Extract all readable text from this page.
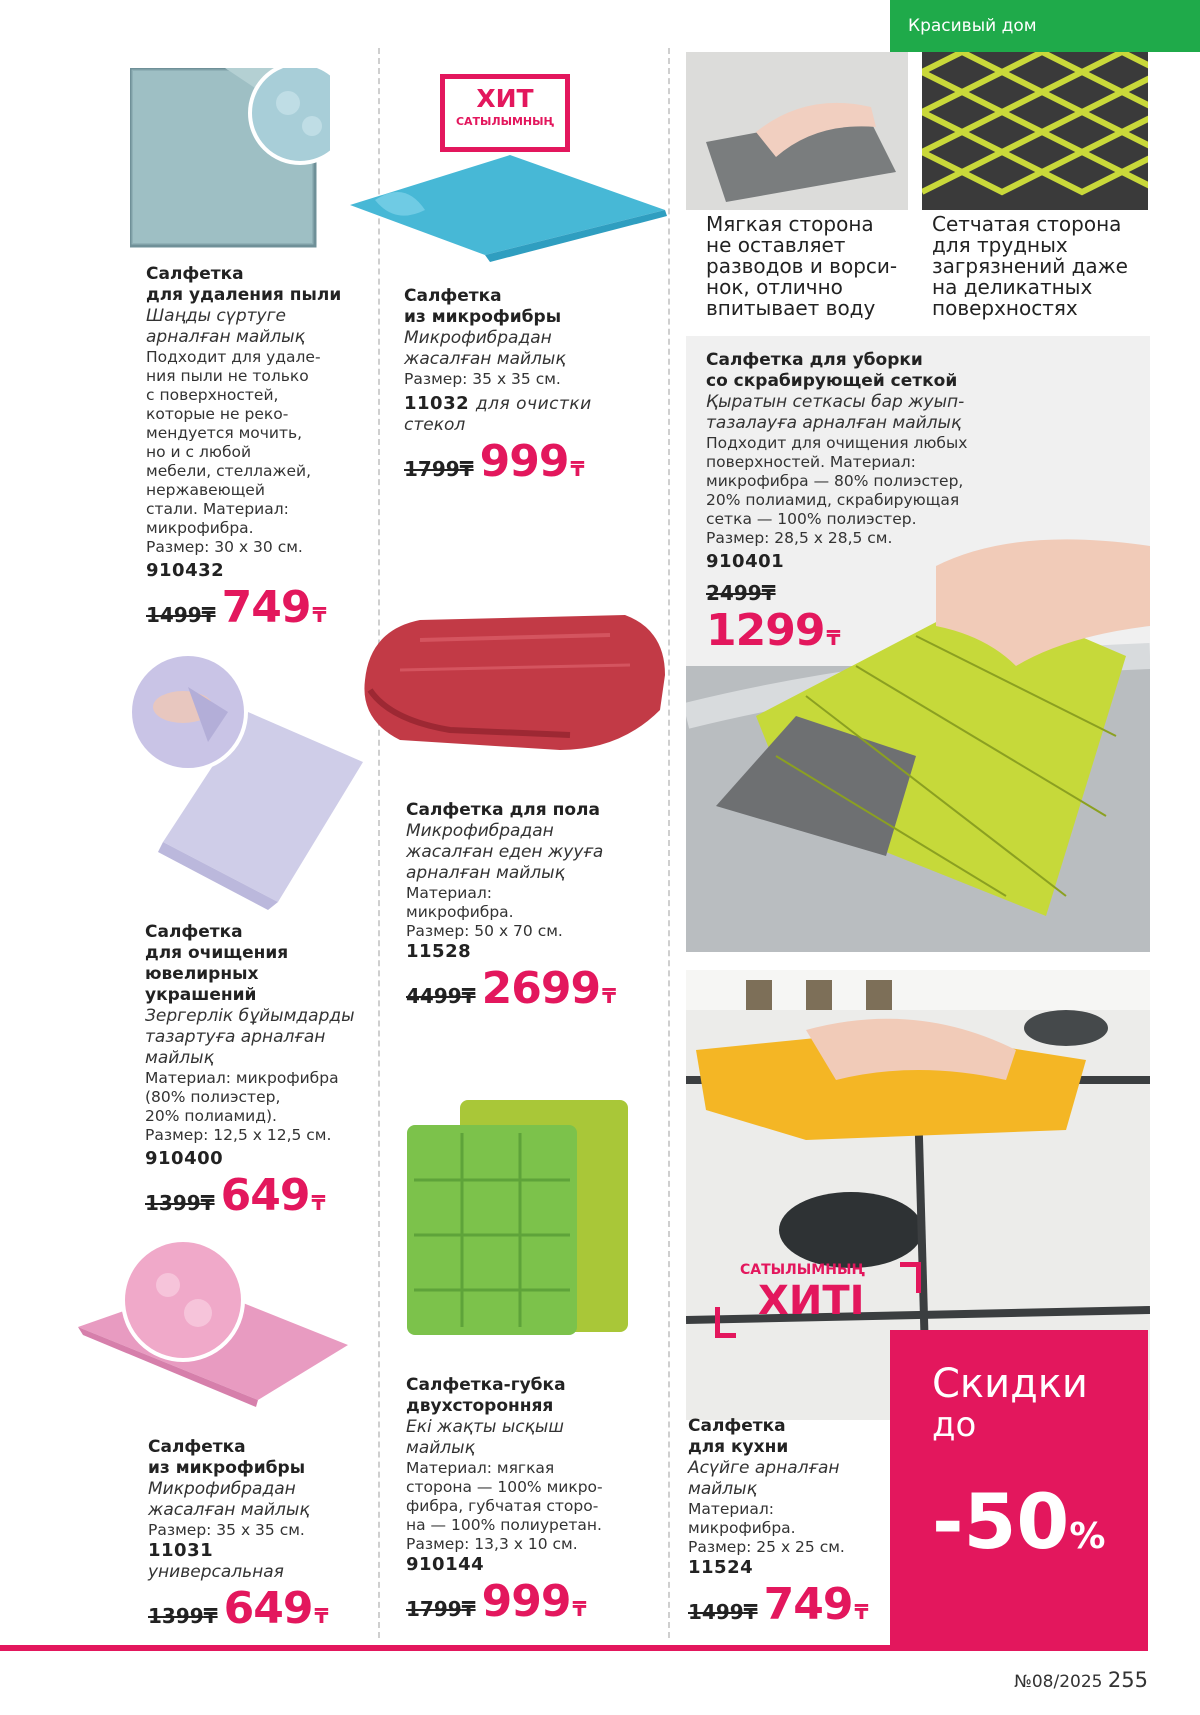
Красивый дом
Салфетка
для удаления пыли
Шаңды сүртуге
арналған майлық
Подходит для удале-
ния пыли не только
с поверхностей,
которые не реко-
мендуется мочить,
но и с любой
мебели, стеллажей,
нержавеющей
стали. Материал:
микрофибра.
Размер: 30 х 30 см.
910432
1499₸ 749 ₸
Салфетка
для очищения
ювелирных
украшений
Зергерлік бұйымдарды
тазартуға арналған
майлық
Материал: микрофибра
(80% полиэстер,
20% полиамид).
Размер: 12,5 х 12,5 см.
910400
1399₸ 649 ₸
Салфетка
из микрофибры
Микрофибрадан
жасалған майлық
Размер: 35 х 35 см.
11031
универсальная
1399₸ 649 ₸
ХИТ
САТЫЛЫМНЫҢ
Салфетка
из микрофибры
Микрофибрадан
жасалған майлық
Размер: 35 х 35 см.
11032 для очистки
стекол
1799₸ 999 ₸
Салфетка для пола
Микрофибрадан
жасалған еден жууға
арналған майлық
Материал:
микрофибра.
Размер: 50 х 70 см.
11528
4499₸ 2699 ₸
Салфетка-губка
двухсторонняя
Екі жақты ысқыш
майлық
Материал: мягкая
сторона — 100% микро-
фибра, губчатая сторо-
на — 100% полиуретан.
Размер: 13,3 х 10 см.
910144
1799₸ 999 ₸
Мягкая сторона
не оставляет
разводов и ворси-
нок, отлично
впитывает воду
Сетчатая сторона
для трудных
загрязнений даже
на деликатных
поверхностях
Салфетка для уборки
со скрабирующей сеткой
Қыратын сеткасы бар жуып-
тазалауға арналған майлық
Подходит для очищения любых
поверхностей. Материал:
микрофибра — 80% полиэстер,
20% полиамид, скрабирующая
сетка — 100% полиэстер.
Размер: 28,5 х 28,5 см.
910401
2499₸
1299 ₸
САТЫЛЫМНЫҢ
ХИТІ
Салфетка
для кухни
Асүйге арналған
майлық
Материал:
микрофибра.
Размер: 25 х 25 см.
11524
1499₸ 749 ₸
Скидки
до
-50%
№08/2025 255
